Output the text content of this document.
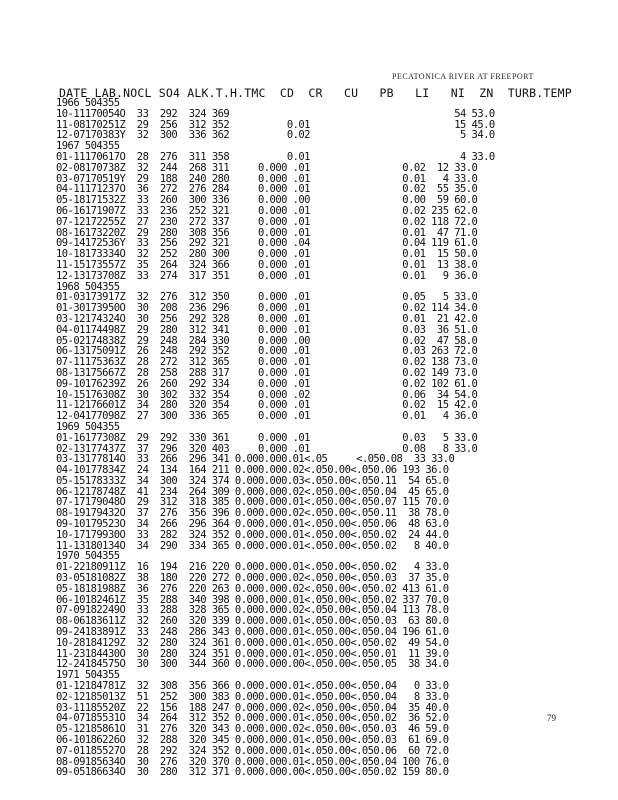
PECATONICA RIVER AT FREEPORT
DATE LAB.NOCL SO4 ALK.T.H.TMC  CD  CR   CU   PB   LI   NI  ZN  TURB.TEMP
1966 504355
10-11170054O  33  292  324 369                                       54 53.0
11-08170251Z  29  256  312 352          0.01                         15 45.0
12-07170383Y  32  300  336 362          0.02                          5 34.0
1967 504355
01-11170617O  28  276  311 358          0.01                          4 33.0
02-08170738Z  32  244  268 311     0.000 .01                0.02  12 33.0
03-07170519Y  29  188  240 280     0.000 .01                0.01   4 33.0
04-11171237O  36  272  276 284     0.000 .01                0.02  55 35.0
05-18171532Z  33  260  300 336     0.000 .00                0.00  59 60.0
06-16171907Z  33  236  252 321     0.000 .01                0.02 235 62.0
07-12172255Z  27  230  272 337     0.000 .01                0.02 118 72.0
08-16173220Z  29  280  308 356     0.000 .01                0.01  47 71.0
09-14172536Y  33  256  292 321     0.000 .04                0.04 119 61.0
10-18173334O  32  252  280 300     0.000 .01                0.01  15 50.0
11-15173557Z  35  264  324 366     0.000 .01                0.01  13 38.0
12-13173708Z  33  274  317 351     0.000 .01                0.01   9 36.0
1968 504355
01-03173917Z  32  276  312 350     0.000 .01                0.05   5 33.0
01-30173950O  30  208  236 296     0.000 .01                0.02 114 34.0
03-12174324O  30  256  292 328     0.000 .01                0.01  21 42.0
04-01174498Z  29  280  312 341     0.000 .01                0.03  36 51.0
05-02174838Z  29  248  284 330     0.000 .00                0.02  47 58.0
06-13175091Z  26  248  292 352     0.000 .01                0.03 263 72.0
07-11175363Z  28  272  312 365     0.000 .01                0.02 138 73.0
08-13175667Z  28  258  288 317     0.000 .01                0.02 149 73.0
09-10176239Z  26  260  292 334     0.000 .01                0.02 102 61.0
10-15176308Z  30  302  332 354     0.000 .02                0.06  34 54.0
11-12176601Z  34  280  320 354     0.000 .01                0.02  15 42.0
12-04177098Z  27  300  336 365     0.000 .01                0.01   4 36.0
1969 504355
01-16177308Z  29  292  330 361     0.000 .01                0.03   5 33.0
02-13177437Z  37  296  320 403     0.000 .01                0.08   8 33.0
03-13177814O  33  266  296 341 0.000.000.01<.05     <.050.08  33 33.0
04-10177834Z  24  134  164 211 0.000.000.02<.050.00<.050.06 193 36.0
05-15178333Z  34  300  324 374 0.000.000.03<.050.00<.050.11  54 65.0
06-12178748Z  41  234  264 309 0.000.000.02<.050.00<.050.04  45 65.0
07-17179048O  29  312  318 385 0.000.000.01<.050.00<.050.07 115 70.0
08-19179432O  37  276  356 396 0.000.000.02<.050.00<.050.11  38 78.0
09-10179523O  34  266  296 364 0.000.000.01<.050.00<.050.06  48 63.0
10-17179930O  33  282  324 352 0.000.000.01<.050.00<.050.02  24 44.0
11-13180134O  34  290  334 365 0.000.000.01<.050.00<.050.02   8 40.0
1970 504355
01-22180911Z  16  194  216 220 0.000.000.01<.050.00<.050.02   4 33.0
03-05181082Z  38  180  220 272 0.000.000.02<.050.00<.050.03  37 35.0
05-18181988Z  36  276  220 263 0.000.000.02<.050.00<.050.02 413 61.0
06-10182461Z  35  288  340 398 0.000.000.01<.050.00<.050.02 337 70.0
07-09182249O  33  288  328 365 0.000.000.02<.050.00<.050.04 113 78.0
08-06183611Z  32  260  320 339 0.000.000.01<.050.00<.050.03  63 80.0
09-24183891Z  33  248  286 343 0.000.000.01<.050.00<.050.04 196 61.0
10-28184129Z  32  280  324 361 0.000.000.01<.050.00<.050.02  49 54.0
11-23184430O  30  280  324 351 0.000.000.01<.050.00<.050.01  11 39.0
12-24184575O  30  300  344 360 0.000.000.00<.050.00<.050.05  38 34.0
1971 504355
01-12184781Z  32  308  356 366 0.000.000.01<.050.00<.050.04   0 33.0
02-12185013Z  51  252  300 383 0.000.000.01<.050.00<.050.04   8 33.0
03-11185520Z  22  156  188 247 0.000.000.02<.050.00<.050.04  35 40.0
04-07185531O  34  264  312 352 0.000.000.01<.050.00<.050.02  36 52.0
05-12185861O  31  276  320 343 0.000.000.02<.050.00<.050.03  46 59.0
06-10186226O  32  288  320 345 0.000.000.01<.050.00<.050.03  61 69.0
07-01185527O  28  292  324 352 0.000.000.01<.050.00<.050.06  60 72.0
08-09185634O  30  276  320 370 0.000.000.01<.050.00<.050.04 100 76.0
09-05186634O  30  280  312 371 0.000.000.00<.050.00<.050.02 159 80.0
79
